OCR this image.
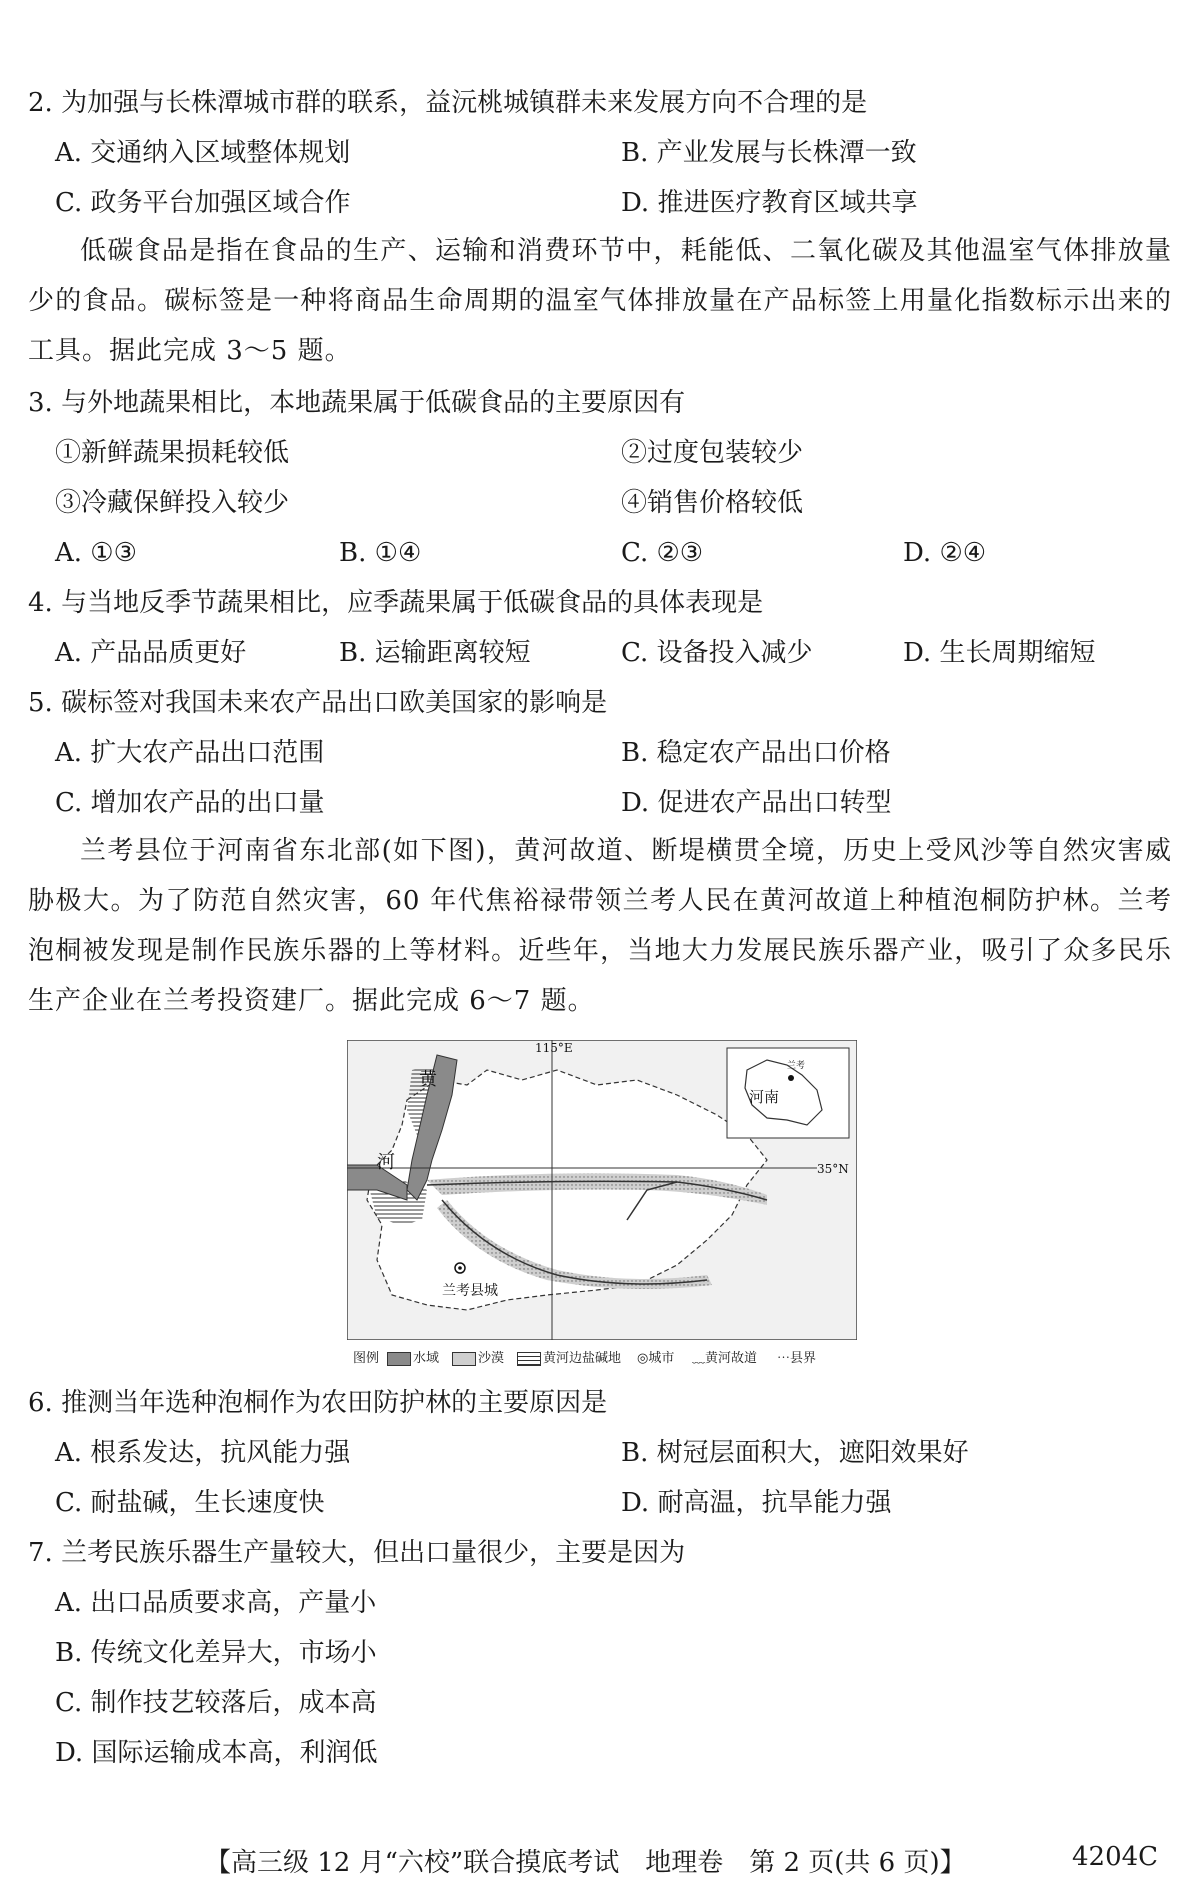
2. 为加强与长株潭城市群的联系，益沅桃城镇群未来发展方向不合理的是
A. 交通纳入区域整体规划	B. 产业发展与长株潭一致
C. 政务平台加强区域合作	D. 推进医疗教育区域共享
低碳食品是指在食品的生产、运输和消费环节中，耗能低、二氧化碳及其他温室气体排放量少的食品。碳标签是一种将商品生命周期的温室气体排放量在产品标签上用量化指数标示出来的工具。据此完成 3～5 题。
3. 与外地蔬果相比，本地蔬果属于低碳食品的主要原因有
①新鲜蔬果损耗较低	②过度包装较少
③冷藏保鲜投入较少	④销售价格较低
A. ①③	B. ①④	C. ②③	D. ②④
4. 与当地反季节蔬果相比，应季蔬果属于低碳食品的具体表现是
A. 产品品质更好	B. 运输距离较短	C. 设备投入减少	D. 生长周期缩短
5. 碳标签对我国未来农产品出口欧美国家的影响是
A. 扩大农产品出口范围	B. 稳定农产品出口价格
C. 增加农产品的出口量	D. 促进农产品出口转型
兰考县位于河南省东北部(如下图)，黄河故道、断堤横贯全境，历史上受风沙等自然灾害威胁极大。为了防范自然灾害，60 年代焦裕禄带领兰考人民在黄河故道上种植泡桐防护林。兰考泡桐被发现是制作民族乐器的上等材料。近些年，当地大力发展民族乐器产业，吸引了众多民乐生产企业在兰考投资建厂。据此完成 6～7 题。
115°E
35°N
黄
河
河南
兰考
兰考县城
图例	水域	沙漠	黄河边盐碱地 ◎城市 ﹏黄河故道 ⋯县界
6. 推测当年选种泡桐作为农田防护林的主要原因是
A. 根系发达，抗风能力强	B. 树冠层面积大，遮阳效果好
C. 耐盐碱，生长速度快	D. 耐高温，抗旱能力强
7. 兰考民族乐器生产量较大，但出口量很少，主要是因为
A. 出口品质要求高，产量小
B. 传统文化差异大，市场小
C. 制作技艺较落后，成本高
D. 国际运输成本高，利润低
【高三级 12 月“六校”联合摸底考试　地理卷　第 2 页(共 6 页)】	4204C
